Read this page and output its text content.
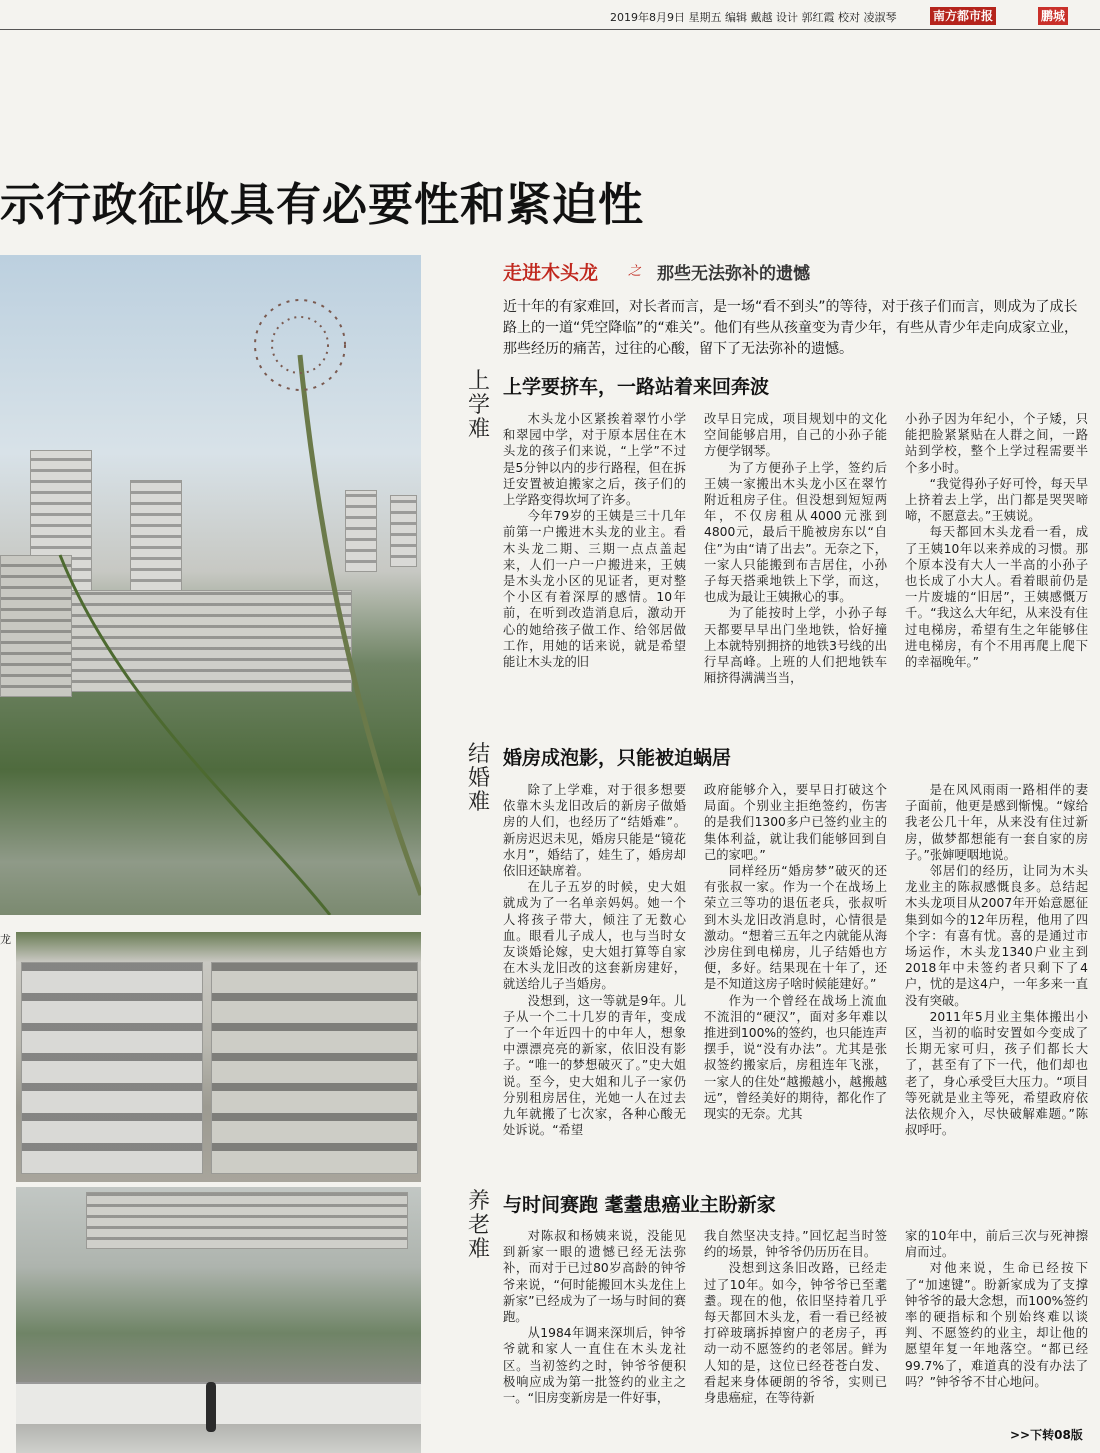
2019年8月9日 星期五 编辑 戴越 设计 郭红霞 校对 凌淑琴	南方都市报	鹏城
示行政征收具有必要性和紧迫性
龙
走进木头龙 之 那些无法弥补的遗憾
近十年的有家难回，对长者而言，是一场“看不到头”的等待，对于孩子们而言，则成为了成长路上的一道“凭空降临”的“难关”。他们有些从孩童变为青少年，有些从青少年走向成家立业，那些经历的痛苦，过往的心酸，留下了无法弥补的遗憾。
上
学
难
上学要挤车，一路站着来回奔波

木头龙小区紧挨着翠竹小学和翠园中学，对于原本居住在木头龙的孩子们来说，“上学”不过是5分钟以内的步行路程，但在拆迁安置被迫搬家之后，孩子们的上学路变得坎坷了许多。

今年79岁的王姨是三十几年前第一户搬进木头龙的业主。看木头龙二期、三期一点点盖起来，人们一户一户搬进来，王姨是木头龙小区的见证者，更对整个小区有着深厚的感情。10年前，在听到改造消息后，激动开心的她给孩子做工作、给邻居做工作，用她的话来说，就是希望能让木头龙的旧

改早日完成，项目规划中的文化空间能够启用，自己的小孙子能方便学钢琴。

为了方便孙子上学，签约后王姨一家搬出木头龙小区在翠竹附近租房子住。但没想到短短两年，不仅房租从4000元涨到4800元，最后干脆被房东以“自住”为由“请了出去”。无奈之下，一家人只能搬到布吉居住，小孙子每天搭乘地铁上下学，而这，也成为最让王姨揪心的事。

为了能按时上学，小孙子每天都要早早出门坐地铁，恰好撞上本就特别拥挤的地铁3号线的出行早高峰。上班的人们把地铁车厢挤得满满当当，

小孙子因为年纪小，个子矮，只能把脸紧紧贴在人群之间，一路站到学校，整个上学过程需要半个多小时。

“我觉得孙子好可怜，每天早上挤着去上学，出门都是哭哭啼啼，不愿意去。”王姨说。

每天都回木头龙看一看，成了王姨10年以来养成的习惯。那个原本没有大人一半高的小孙子也长成了小大人。看着眼前仍是一片废墟的“旧居”，王姨感慨万千。“我这么大年纪，从来没有住过电梯房，希望有生之年能够住进电梯房，有个不用再爬上爬下的幸福晚年。”

结
婚
难
婚房成泡影，只能被迫蜗居

除了上学难，对于很多想要依靠木头龙旧改后的新房子做婚房的人们，也经历了“结婚难”。新房迟迟未见，婚房只能是“镜花水月”，婚结了，娃生了，婚房却依旧还缺席着。

在儿子五岁的时候，史大姐就成为了一名单亲妈妈。她一个人将孩子带大，倾注了无数心血。眼看儿子成人，也与当时女友谈婚论嫁，史大姐打算等自家在木头龙旧改的这套新房建好，就送给儿子当婚房。

没想到，这一等就是9年。儿子从一个二十几岁的青年，变成了一个年近四十的中年人，想象中漂漂亮亮的新家，依旧没有影子。“唯一的梦想破灭了。”史大姐说。至今，史大姐和儿子一家仍分别租房居住，光她一人在过去九年就搬了七次家，各种心酸无处诉说。“希望

政府能够介入，要早日打破这个局面。个别业主拒绝签约，伤害的是我们1300多户已签约业主的集体利益，就让我们能够回到自己的家吧。”

同样经历“婚房梦”破灭的还有张叔一家。作为一个在战场上荣立三等功的退伍老兵，张叔听到木头龙旧改消息时，心情很是激动。“想着三五年之内就能从海沙房住到电梯房，儿子结婚也方便，多好。结果现在十年了，还是不知道这房子啥时候能建好。”

作为一个曾经在战场上流血不流泪的“硬汉”，面对多年难以推进到100%的签约，也只能连声摆手，说“没有办法”。尤其是张叔签约搬家后，房租连年飞涨，一家人的住处“越搬越小，越搬越远”，曾经美好的期待，都化作了现实的无奈。尤其

是在风风雨雨一路相伴的妻子面前，他更是感到惭愧。“嫁给我老公几十年，从来没有住过新房，做梦都想能有一套自家的房子。”张婶哽咽地说。

邻居们的经历，让同为木头龙业主的陈叔感慨良多。总结起木头龙项目从2007年开始意愿征集到如今的12年历程，他用了四个字：有喜有忧。喜的是通过市场运作，木头龙1340户业主到2018年中未签约者只剩下了4户，忧的是这4户，一年多来一直没有突破。

2011年5月业主集体搬出小区，当初的临时安置如今变成了长期无家可归，孩子们都长大了，甚至有了下一代，他们却也老了，身心承受巨大压力。“项目等死就是业主等死，希望政府依法依规介入，尽快破解难题。”陈叔呼吁。

养
老
难
与时间赛跑 耄耋患癌业主盼新家

对陈叔和杨姨来说，没能见到新家一眼的遗憾已经无法弥补，而对于已过80岁高龄的钟爷爷来说，“何时能搬回木头龙住上新家”已经成为了一场与时间的赛跑。

从1984年调来深圳后，钟爷爷就和家人一直住在木头龙社区。当初签约之时，钟爷爷便积极响应成为第一批签约的业主之一。“旧房变新房是一件好事，

我自然坚决支持。”回忆起当时签约的场景，钟爷爷仍历历在目。

没想到这条旧改路，已经走过了10年。如今，钟爷爷已至耄耋。现在的他，依旧坚持着几乎每天都回木头龙，看一看已经被打碎玻璃拆掉窗户的老房子，再动一动不愿签约的老邻居。鲜为人知的是，这位已经苍苍白发、看起来身体硬朗的爷爷，实则已身患癌症，在等待新

家的10年中，前后三次与死神擦肩而过。

对他来说，生命已经按下了“加速键”。盼新家成为了支撑钟爷爷的最大念想，而100%签约率的硬指标和个别始终难以谈判、不愿签约的业主，却让他的愿望年复一年地落空。“都已经99.7%了，难道真的没有办法了吗？”钟爷爷不甘心地问。

>>下转08版
